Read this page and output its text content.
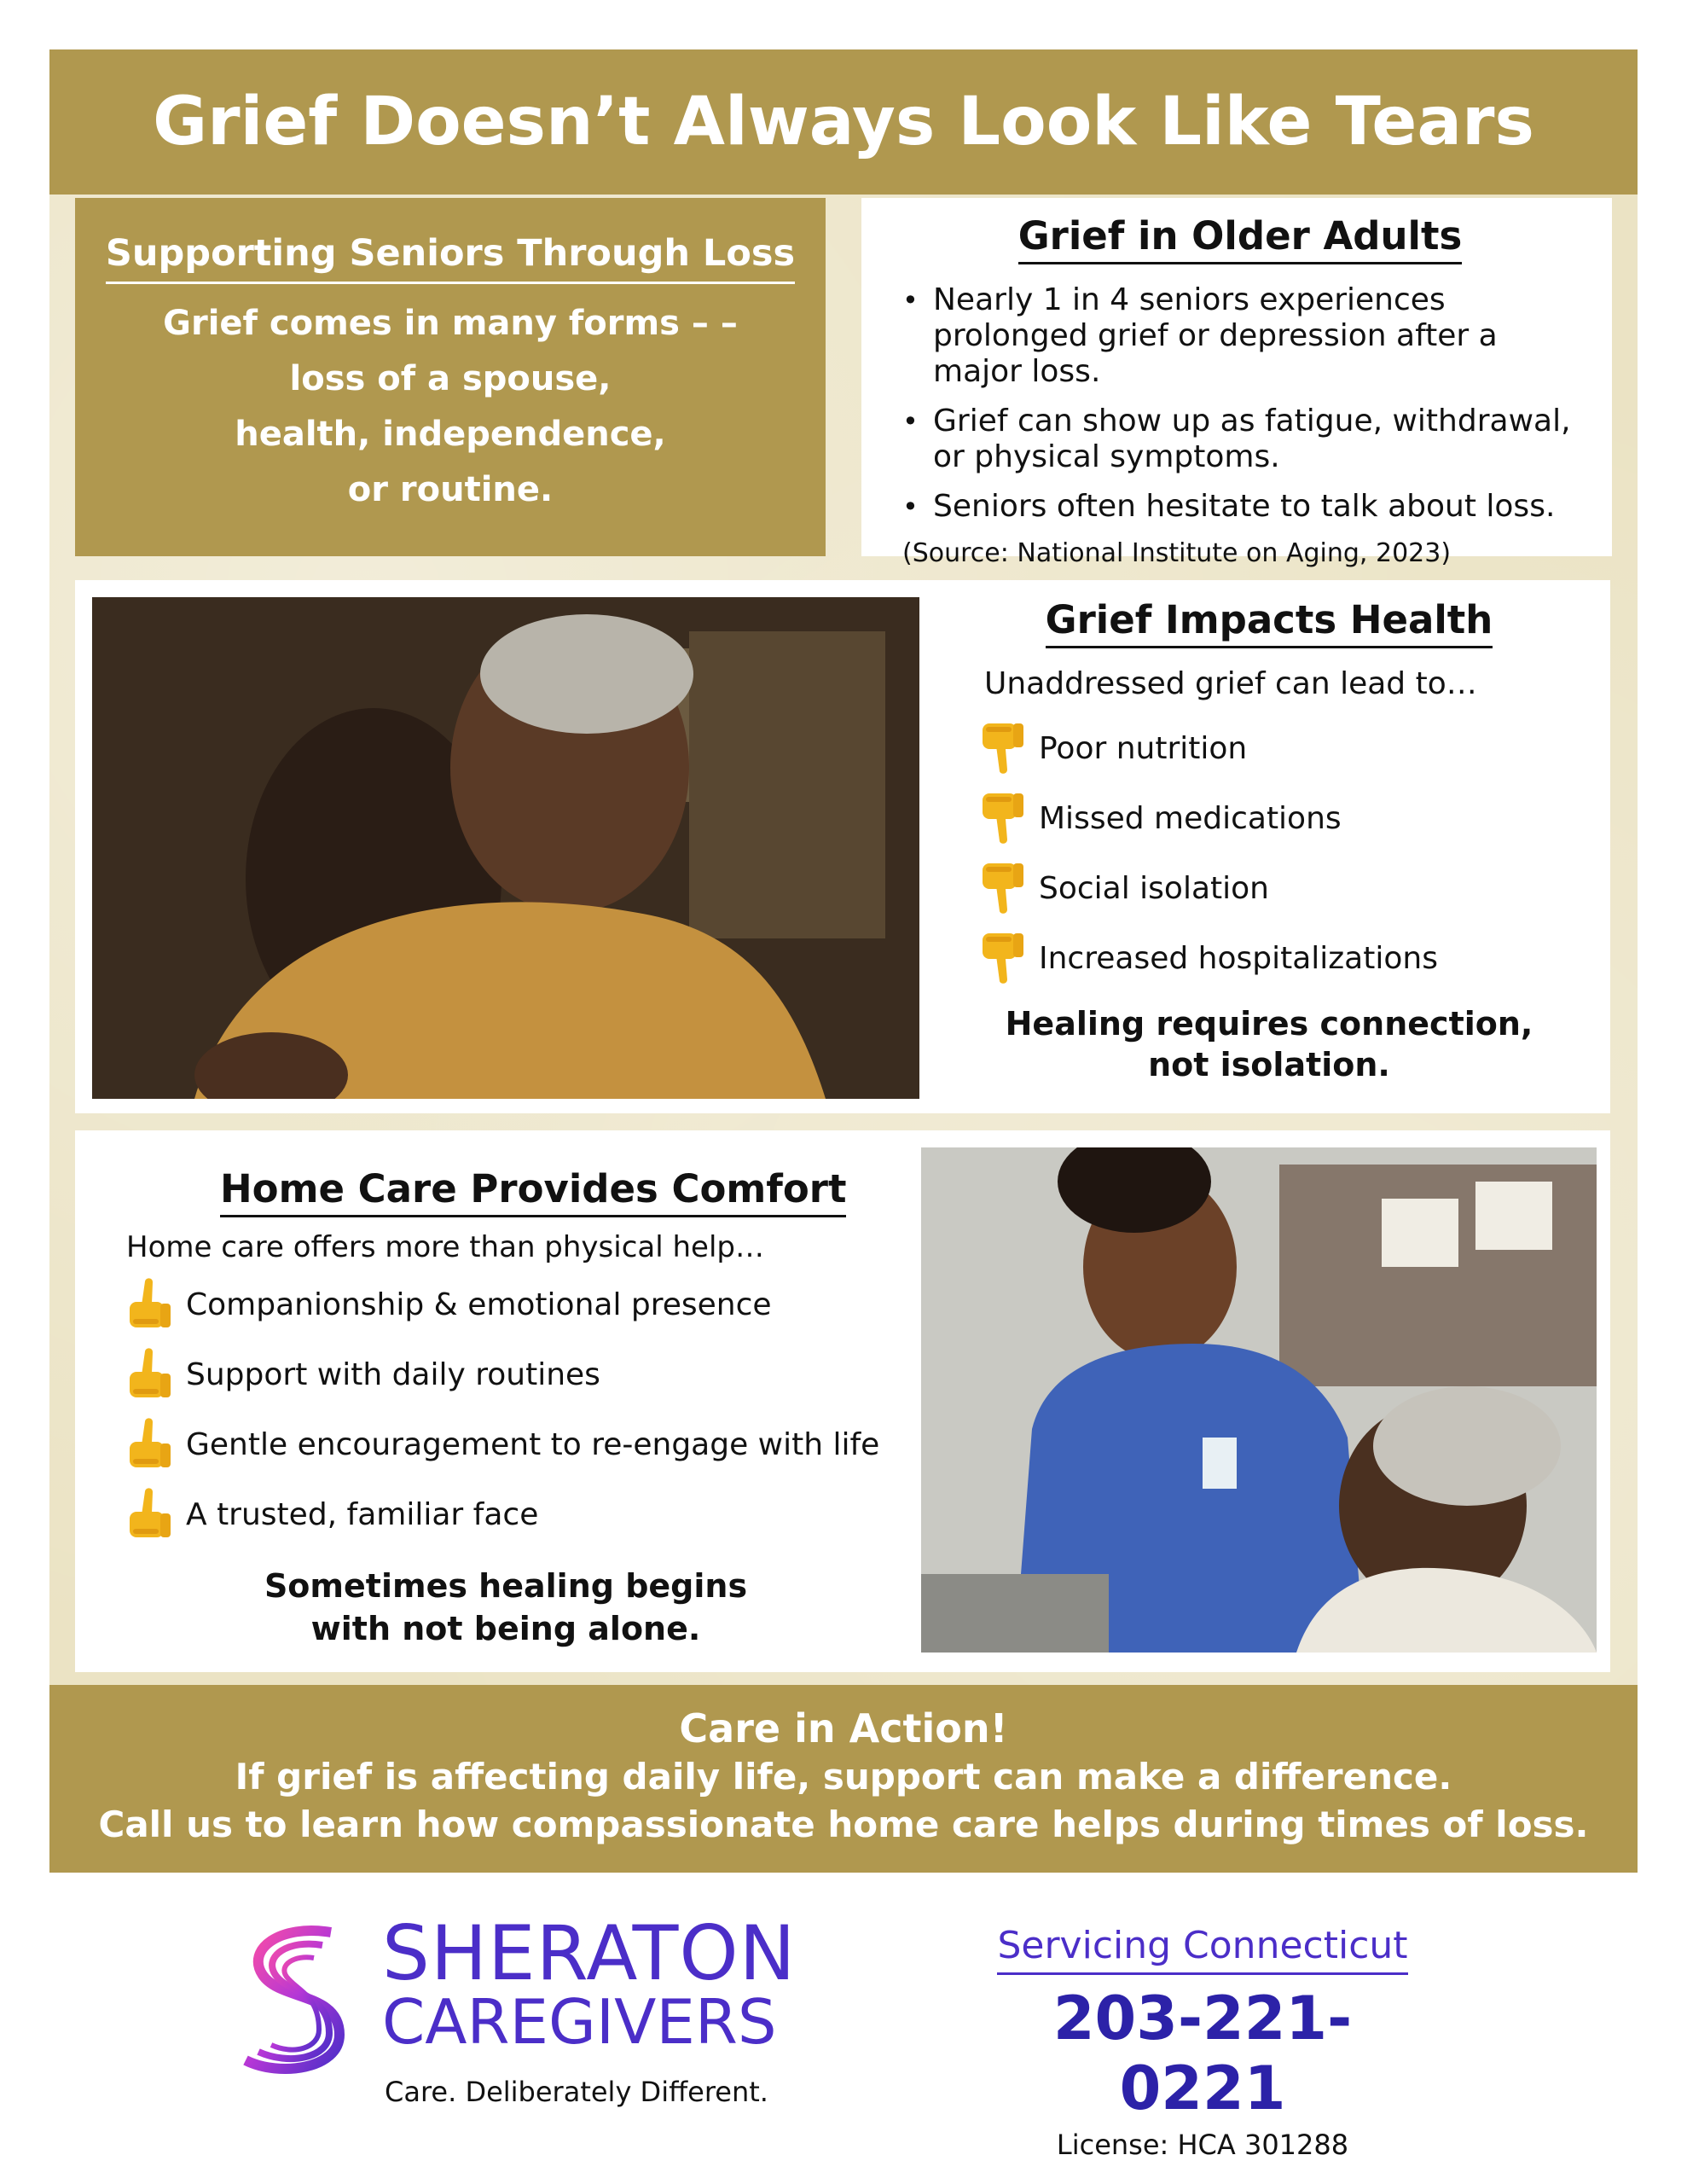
Grief Doesn’t Always Look Like Tears
Supporting Seniors Through Loss
Grief comes in many forms – –
loss of a spouse,
health, independence,
or routine.

Grief in Older Adults

• Nearly 1 in 4 seniors experiences prolonged grief or depression after a major loss.
• Grief can show up as fatigue, withdrawal, or physical symptoms.
• Seniors often hesitate to talk about loss.
(Source: National Institute on Aging, 2023)

Grief Impacts Health

Unaddressed grief can lead to…
Poor nutrition
Missed medications
Social isolation
Increased hospitalizations
Healing requires connection,
not isolation.

Home Care Provides Comfort

Home care offers more than physical help…
Companionship & emotional presence
Support with daily routines
Gentle encouragement to re-engage with life
A trusted, familiar face
Sometimes healing begins
with not being alone.
Care in Action!
If grief is affecting daily life, support can make a difference.
Call us to learn how compassionate home care helps during times of loss.
SHERATON
CAREGIVERS
Care. Deliberately Different.
Servicing Connecticut
203-221-0221
License: HCA 301288
